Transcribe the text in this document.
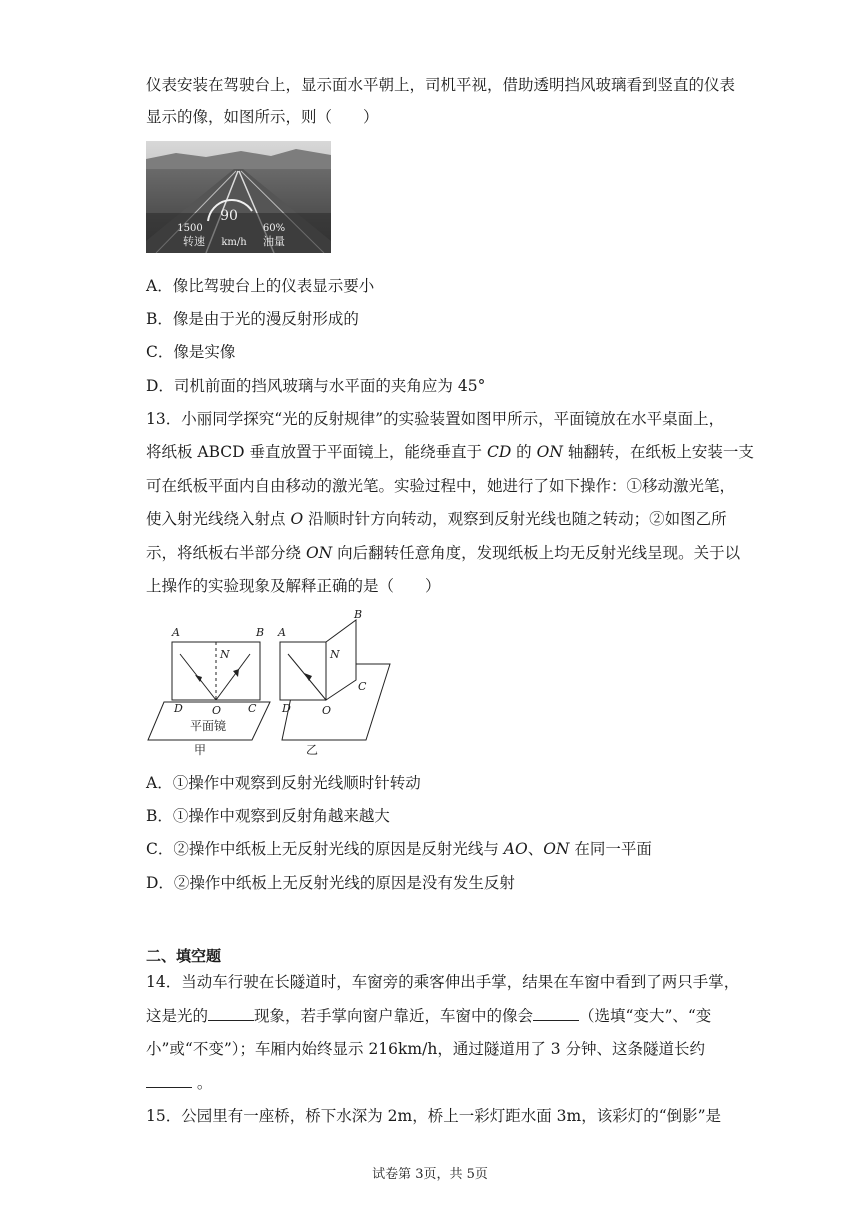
仪表安装在驾驶台上，显示面水平朝上，司机平视，借助透明挡风玻璃看到竖直的仪表
显示的像，如图所示，则（　　）
90
1500	60%
转速 km/h 油量
A．像比驾驶台上的仪表显示要小
B．像是由于光的漫反射形成的
C．像是实像
D．司机前面的挡风玻璃与水平面的夹角应为 45°
13．小丽同学探究“光的反射规律”的实验装置如图甲所示，平面镜放在水平桌面上，
将纸板 ABCD 垂直放置于平面镜上，能绕垂直于 CD 的 ON 轴翻转，在纸板上安装一支
可在纸板平面内自由移动的激光笔。实验过程中，她进行了如下操作：①移动激光笔，
使入射光线绕入射点 O 沿顺时针方向转动，观察到反射光线也随之转动；②如图乙所
示，将纸板右半部分绕 ON 向后翻转任意角度，发现纸板上均无反射光线呈现。关于以
上操作的实验现象及解释正确的是（　　）
A	B
N
D	O C
A
B
N
C
D	O
平面镜
甲	乙
A．①操作中观察到反射光线顺时针转动
B．①操作中观察到反射角越来越大
C．②操作中纸板上无反射光线的原因是反射光线与 AO、ON 在同一平面
D．②操作中纸板上无反射光线的原因是没有发生反射
二、填空题
14．当动车行驶在长隧道时，车窗旁的乘客伸出手掌，结果在车窗中看到了两只手掌，
这是光的	现象，若手掌向窗户靠近，车窗中的像会	（选填“变大”、“变
小”或“不变”）；车厢内始终显示 216km/h，通过隧道用了 3 分钟、这条隧道长约
。
15．公园里有一座桥，桥下水深为 2m，桥上一彩灯距水面 3m，该彩灯的“倒影”是
试卷第 3页，共 5页
